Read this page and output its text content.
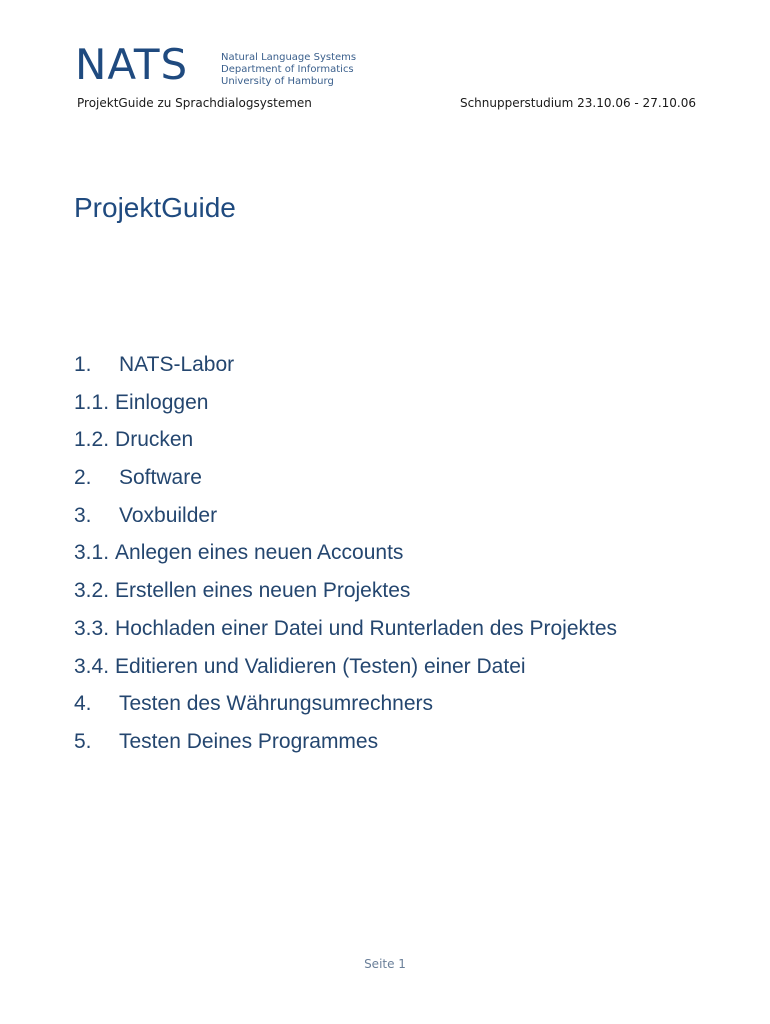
NATS	Natural Language Systems
Department of Informatics
University of Hamburg
ProjektGuide zu Sprachdialogsystemen	Schnupperstudium 23.10.06 - 27.10.06
ProjektGuide
1. NATS-Labor
1.1. Einloggen
1.2. Drucken
2. Software
3. Voxbuilder
3.1. Anlegen eines neuen Accounts
3.2. Erstellen eines neuen Projektes
3.3. Hochladen einer Datei und Runterladen des Projektes
3.4. Editieren und Validieren (Testen) einer Datei
4. Testen des Währungsumrechners
5. Testen Deines Programmes
Seite 1
